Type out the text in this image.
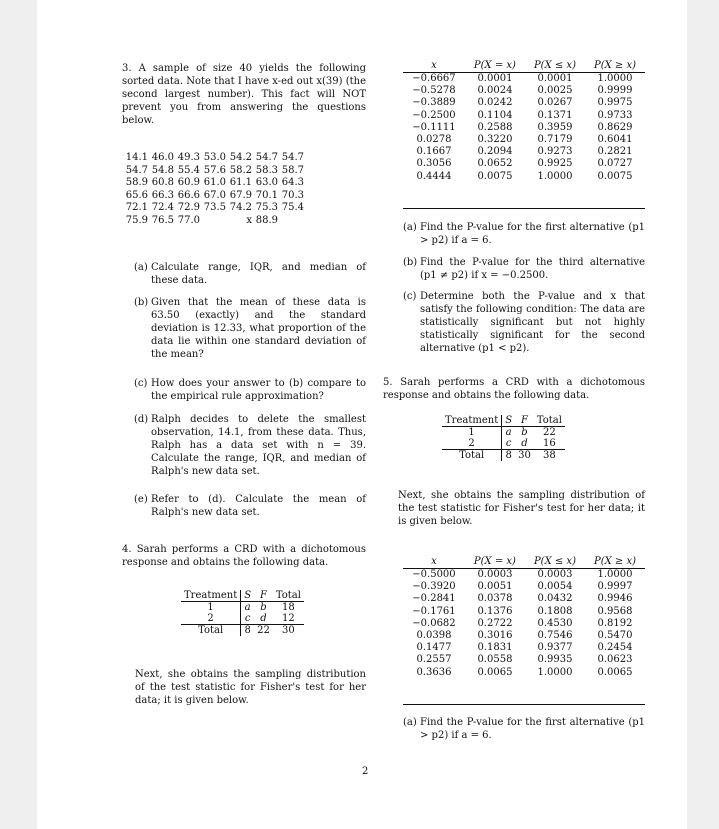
3. A sample of size 40 yields the following sorted data. Note that I have x-ed out x(39) (the second largest number). This fact will NOT prevent you from answering the questions below.

14.1	46.0	49.3	53.0	54.2	54.7	54.7
54.7	54.8	55.4	57.6	58.2	58.3	58.7
58.9	60.8	60.9	61.0	61.1	63.0	64.3
65.6	66.3	66.6	67.0	67.9	70.1	70.3
72.1	72.4	72.9	73.5	74.2	75.3	75.4
75.9	76.5	77.0		x	88.9	
(a) Calculate range, IQR, and median of these data.
(b) Given that the mean of these data is 63.50 (exactly) and the standard deviation is 12.33, what proportion of the data lie within one standard deviation of the mean?
(c) How does your answer to (b) compare to the empirical rule approximation?
(d) Ralph decides to delete the smallest observation, 14.1, from these data. Thus, Ralph has a data set with n = 39. Calculate the range, IQR, and median of Ralph's new data set.
(e) Refer to (d). Calculate the mean of Ralph's new data set.

4. Sarah performs a CRD with a dichotomous response and obtains the following data.

Treatment	S	F	Total
1	a	b	18
2	c	d	12
Total	8	22	30

Next, she obtains the sampling distribution of the test statistic for Fisher's test for her data; it is given below.

x	P(X = x)	P(X ≤ x)	P(X ≥ x)
−0.6667	0.0001	0.0001	1.0000
−0.5278	0.0024	0.0025	0.9999
−0.3889	0.0242	0.0267	0.9975
−0.2500	0.1104	0.1371	0.9733
−0.1111	0.2588	0.3959	0.8629
0.0278	0.3220	0.7179	0.6041
0.1667	0.2094	0.9273	0.2821
0.3056	0.0652	0.9925	0.0727
0.4444	0.0075	1.0000	0.0075
(a) Find the P-value for the first alternative (p1 > p2) if a = 6.
(b) Find the P-value for the third alternative (p1 ≠ p2) if x = −0.2500.
(c) Determine both the P-value and x that satisfy the following condition: The data are statistically significant but not highly statistically significant for the second alternative (p1 < p2).

5. Sarah performs a CRD with a dichotomous response and obtains the following data.

Treatment	S	F	Total
1	a	b	22
2	c	d	16
Total	8	30	38

Next, she obtains the sampling distribution of the test statistic for Fisher's test for her data; it is given below.

x	P(X = x)	P(X ≤ x)	P(X ≥ x)
−0.5000	0.0003	0.0003	1.0000
−0.3920	0.0051	0.0054	0.9997
−0.2841	0.0378	0.0432	0.9946
−0.1761	0.1376	0.1808	0.9568
−0.0682	0.2722	0.4530	0.8192
0.0398	0.3016	0.7546	0.5470
0.1477	0.1831	0.9377	0.2454
0.2557	0.0558	0.9935	0.0623
0.3636	0.0065	1.0000	0.0065
(a) Find the P-value for the first alternative (p1 > p2) if a = 6.
2
